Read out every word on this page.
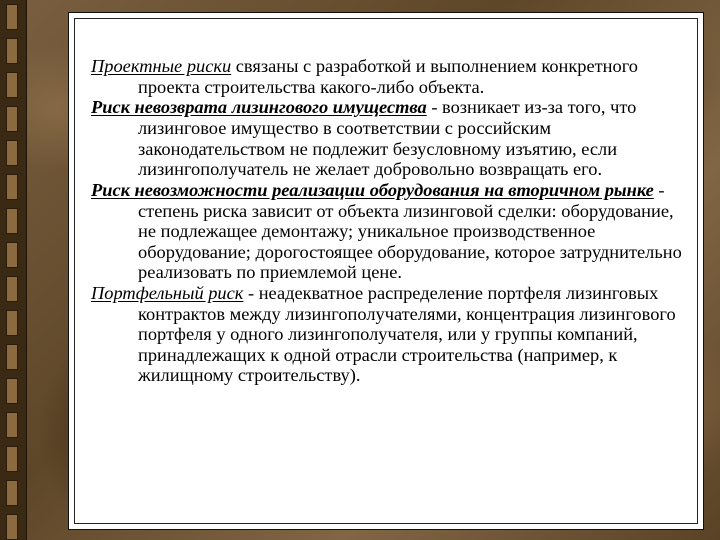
Проектные риски связаны с разработкой и выполнением конкретного проекта строительства какого-либо объекта.

Риск невозврата лизингового имущества - возникает из-за того, что лизинговое имущество в соответствии с российским законодательством не подлежит безусловному изъятию, если лизингополучатель не желает добровольно возвращать его.

Риск невозможности реализации оборудования на вторичном рынке - степень риска зависит от объекта лизинговой сделки: оборудование, не подлежащее демонтажу; уникальное производственное оборудование; дорогостоящее оборудование, которое затруднительно реализовать по приемлемой цене.

Портфельный риск - неадекватное распределение портфеля лизинговых контрактов между лизингополучателями, концентрация лизингового портфеля у одного лизингополучателя, или у группы компаний, принадлежащих к одной отрасли строительства (например, к жилищному строительству).
